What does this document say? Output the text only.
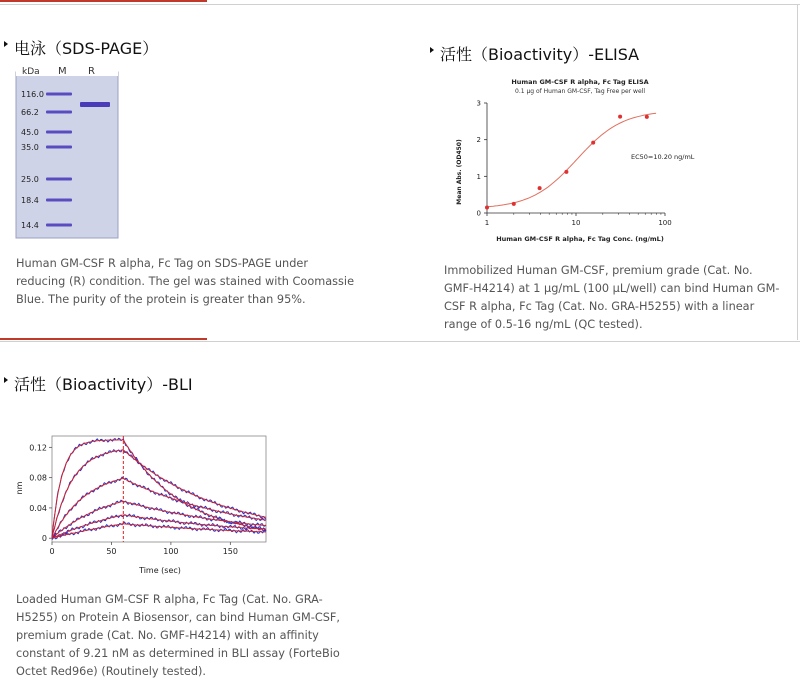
电泳（SDS-PAGE）
kDa M R
116.0
66.2
45.0
35.0
25.0
18.4
14.4
Human GM-CSF R alpha, Fc Tag on SDS-PAGE under reducing (R) condition. The gel was stained with Coomassie Blue. The purity of the protein is greater than 95%.
活性（Bioactivity）-ELISA
Human GM-CSF R alpha, Fc Tag ELISA
0.1 μg of Human GM-CSF, Tag Free per well
Mean Abs. (OD450)
Human GM-CSF R alpha, Fc Tag Conc. (ng/mL)
EC50=10.20 ng/mL
0
1
2
3
1	10	100
Immobilized Human GM-CSF, premium grade (Cat. No. GMF-H4214) at 1 μg/mL (100 μL/well) can bind Human GM-CSF R alpha, Fc Tag (Cat. No. GRA-H5255) with a linear range of 0.5-16 ng/mL (QC tested).
活性（Bioactivity）-BLI
nm
Time (sec)
0
0.04
0.08
0.12
0	50	100	150
Loaded Human GM-CSF R alpha, Fc Tag (Cat. No. GRA-H5255) on Protein A Biosensor, can bind Human GM-CSF, premium grade (Cat. No. GMF-H4214) with an affinity constant of 9.21 nM as determined in BLI assay (ForteBio Octet Red96e) (Routinely tested).
